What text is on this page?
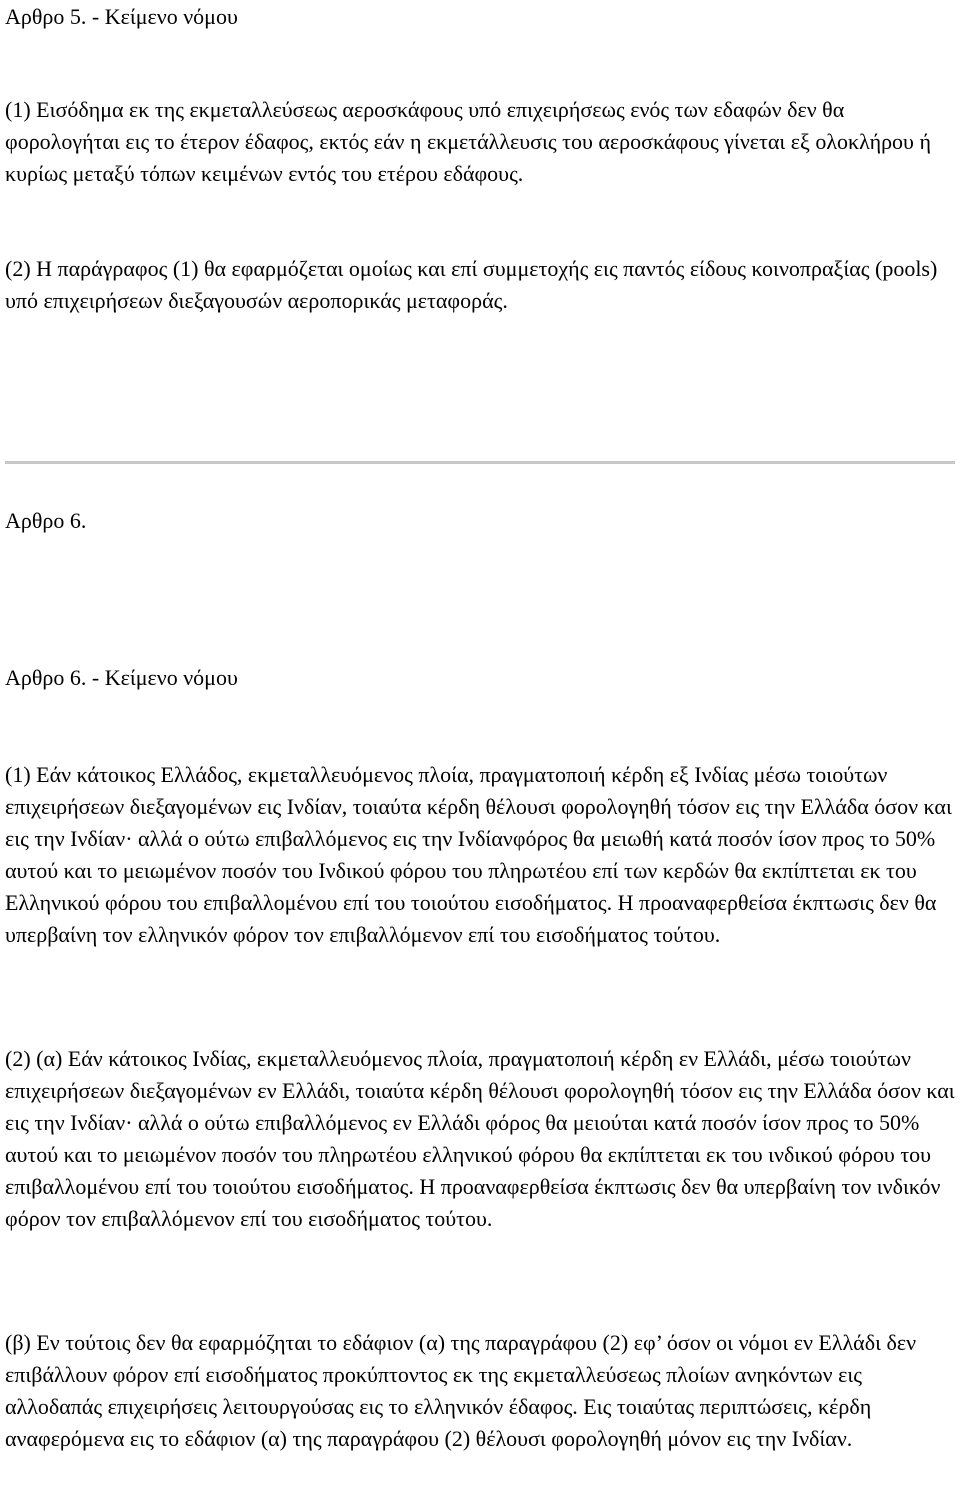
Αρθρο 5. - Κείμενο νόμου

(1) Εισόδημα εκ της εκμεταλλεύσεως αεροσκάφους υπό επιχειρήσεως ενός των εδαφών δεν θα φορολογήται εις το έτερον έδαφος, εκτός εάν η εκμετάλλευσις του αεροσκάφους γίνεται εξ ολοκλήρου ή κυρίως μεταξύ τόπων κειμένων εντός του ετέρου εδάφους.

(2) Η παράγραφος (1) θα εφαρμόζεται ομοίως και επί συμμετοχής εις παντός είδους κοινοπραξίας (pools) υπό επιχειρήσεων διεξαγουσών αεροπορικάς μεταφοράς.

Αρθρο 6.
Αρθρο 6. - Κείμενο νόμου

(1) Εάν κάτοικος Ελλάδος, εκμεταλλευόμενος πλοία, πραγματοποιή κέρδη εξ Ινδίας μέσω τοιούτων επιχειρήσεων διεξαγομένων εις Ινδίαν, τοιαύτα κέρδη θέλουσι φορολογηθή τόσον εις την Ελλάδα όσον και εις την Ινδίαν· αλλά ο ούτω επιβαλλόμενος εις την Ινδίανφόρος θα μειωθή κατά ποσόν ίσον προς το 50% αυτού και το μειωμένον ποσόν του Ινδικού φόρου του πληρωτέου επί των κερδών θα εκπίπτεται εκ του Ελληνικού φόρου του επιβαλλομένου επί του τοιούτου εισοδήματος. Η προαναφερθείσα έκπτωσις δεν θα υπερβαίνη τον ελληνικόν φόρον τον επιβαλλόμενον επί του εισοδήματος τούτου.

(2) (α) Εάν κάτοικος Ινδίας, εκμεταλλευόμενος πλοία, πραγματοποιή κέρδη εν Ελλάδι, μέσω τοιούτων επιχειρήσεων διεξαγομένων εν Ελλάδι, τοιαύτα κέρδη θέλουσι φορολογηθή τόσον εις την Ελλάδα όσον και εις την Ινδίαν· αλλά ο ούτω επιβαλλόμενος εν Ελλάδι φόρος θα μειούται κατά ποσόν ίσον προς το 50% αυτού και το μειωμένον ποσόν του πληρωτέου ελληνικού φόρου θα εκπίπτεται εκ του ινδικού φόρου του επιβαλλομένου επί του τοιούτου εισοδήματος. Η προαναφερθείσα έκπτωσις δεν θα υπερβαίνη τον ινδικόν φόρον τον επιβαλλόμενον επί του εισοδήματος τούτου.

(β) Εν τούτοις δεν θα εφαρμόζηται το εδάφιον (α) της παραγράφου (2) εφ’ όσον οι νόμοι εν Ελλάδι δεν επιβάλλουν φόρον επί εισοδήματος προκύπτοντος εκ της εκμεταλλεύσεως πλοίων ανηκόντων εις αλλοδαπάς επιχειρήσεις λειτουργούσας εις το ελληνικόν έδαφος. Εις τοιαύτας περιπτώσεις, κέρδη αναφερόμενα εις το εδάφιον (α) της παραγράφου (2) θέλουσι φορολογηθή μόνον εις την Ινδίαν.
